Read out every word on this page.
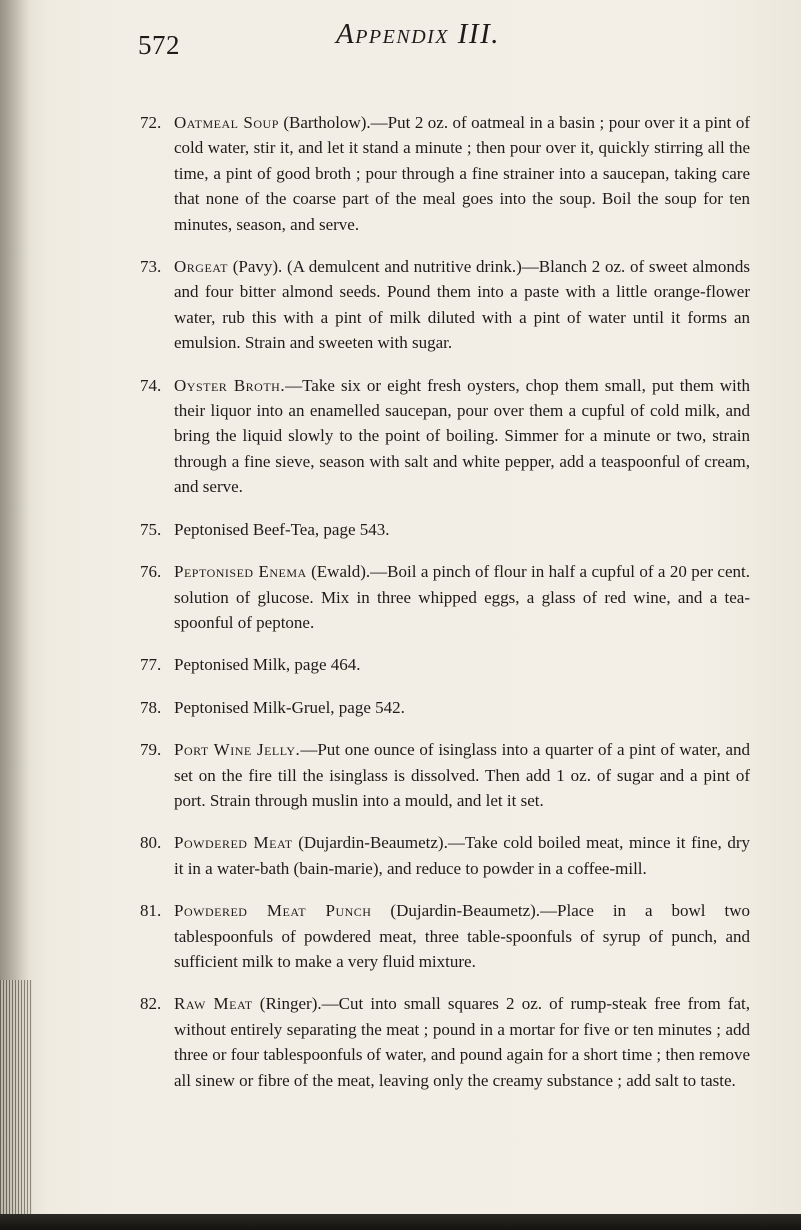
572	Appendix III.

72. Oatmeal Soup (Bartholow).—Put 2 oz. of oatmeal in a basin ; pour over it a pint of cold water, stir it, and let it stand a minute ; then pour over it, quickly stirring all the time, a pint of good broth ; pour through a fine strainer into a saucepan, taking care that none of the coarse part of the meal goes into the soup. Boil the soup for ten minutes, season, and serve.

73. Orgeat (Pavy). (A demulcent and nutritive drink.)—Blanch 2 oz. of sweet almonds and four bitter almond seeds. Pound them into a paste with a little orange-flower water, rub this with a pint of milk diluted with a pint of water until it forms an emulsion. Strain and sweeten with sugar.

74. Oyster Broth.—Take six or eight fresh oysters, chop them small, put them with their liquor into an enamelled saucepan, pour over them a cupful of cold milk, and bring the liquid slowly to the point of boiling. Simmer for a minute or two, strain through a fine sieve, season with salt and white pepper, add a teaspoonful of cream, and serve.

75. Peptonised Beef-Tea, page 543.

76. Peptonised Enema (Ewald).—Boil a pinch of flour in half a cupful of a 20 per cent. solution of glucose. Mix in three whipped eggs, a glass of red wine, and a tea-spoonful of peptone.

77. Peptonised Milk, page 464.

78. Peptonised Milk-Gruel, page 542.

79. Port Wine Jelly.—Put one ounce of isinglass into a quarter of a pint of water, and set on the fire till the isinglass is dissolved. Then add 1 oz. of sugar and a pint of port. Strain through muslin into a mould, and let it set.

80. Powdered Meat (Dujardin-Beaumetz).—Take cold boiled meat, mince it fine, dry it in a water-bath (bain-marie), and reduce to powder in a coffee-mill.

81. Powdered Meat Punch (Dujardin-Beaumetz).—Place in a bowl two tablespoonfuls of powdered meat, three table-spoonfuls of syrup of punch, and sufficient milk to make a very fluid mixture.

82. Raw Meat (Ringer).—Cut into small squares 2 oz. of rump-steak free from fat, without entirely separating the meat ; pound in a mortar for five or ten minutes ; add three or four tablespoonfuls of water, and pound again for a short time ; then remove all sinew or fibre of the meat, leaving only the creamy substance ; add salt to taste.
